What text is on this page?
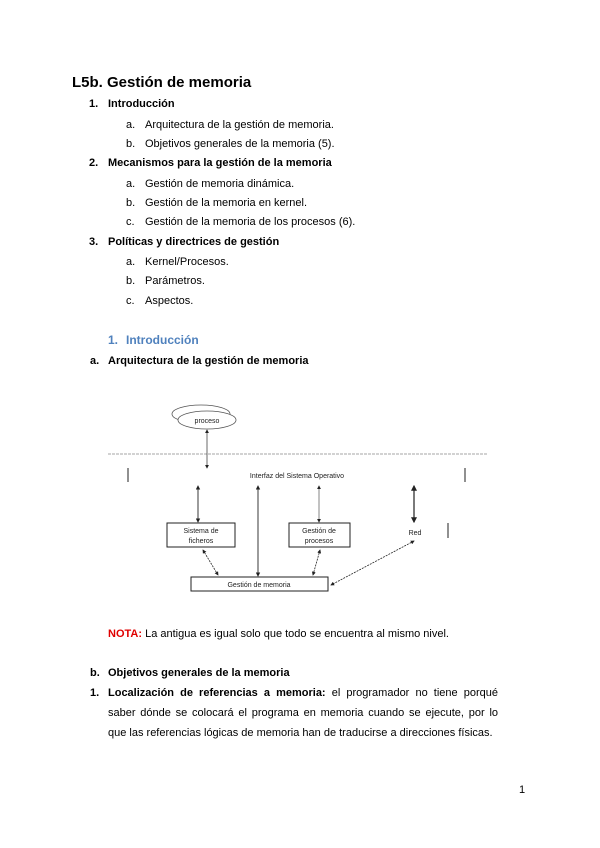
L5b. Gestión de memoria
1. Introducción
a. Arquitectura de la gestión de memoria.
b. Objetivos generales de la memoria (5).
2. Mecanismos para la gestión de la memoria
a. Gestión de memoria dinámica.
b. Gestión de la memoria en kernel.
c. Gestión de la memoria de los procesos (6).
3. Políticas y directrices de gestión
a. Kernel/Procesos.
b. Parámetros.
c. Aspectos.
1. Introducción
a. Arquitectura de la gestión de memoria
proceso
Interfaz del Sistema Operativo
Sistema de
ficheros
Gestión de
procesos
Red
Gestión de memoria
NOTA: La antigua es igual solo que todo se encuentra al mismo nivel.
b. Objetivos generales de la memoria
1. Localización de referencias a memoria: el programador no tiene porqué saber dónde se colocará el programa en memoria cuando se ejecute, por lo que las referencias lógicas de memoria han de traducirse a direcciones físicas.
1
